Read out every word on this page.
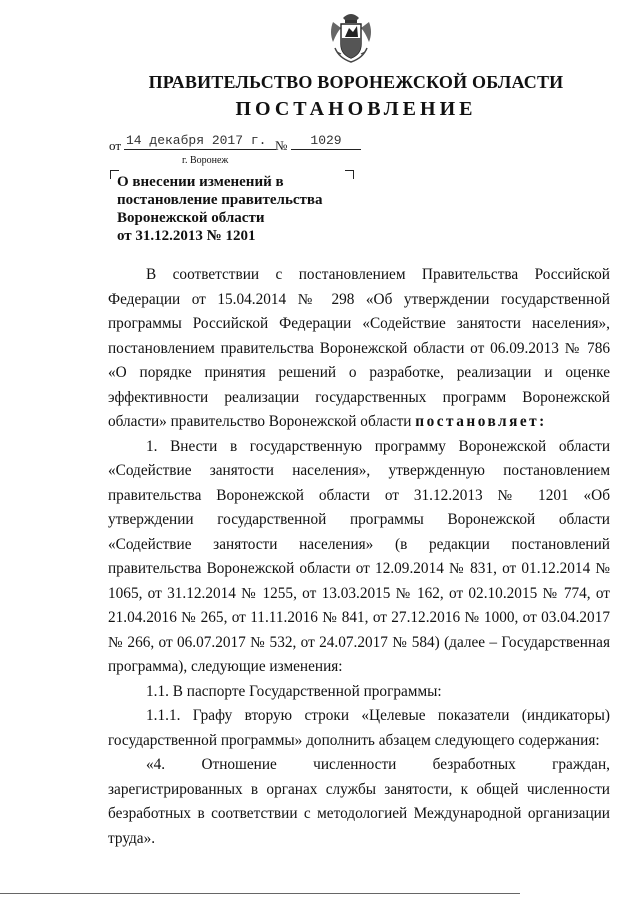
ПРАВИТЕЛЬСТВО ВОРОНЕЖСКОЙ ОБЛАСТИ
ПОСТАНОВЛЕНИЕ
от 14 декабря 2017 г. №	1029
г. Воронеж
О внесении изменений в
постановление правительства
Воронежской области
от 31.12.2013 № 1201

В соответствии с постановлением Правительства Российской Федерации от 15.04.2014 № 298 «Об утверждении государственной программы Российской Федерации «Содействие занятости населения», постановлением правительства Воронежской области от 06.09.2013 № 786 «О порядке принятия решений о разработке, реализации и оценке эффективности реализации государственных программ Воронежской области» правительство Воронежской области постановляет:

1. Внести в государственную программу Воронежской области «Содействие занятости населения», утвержденную постановлением правительства Воронежской области от 31.12.2013 № 1201 «Об утверждении государственной программы Воронежской области «Содействие занятости населения» (в редакции постановлений правительства Воронежской области от 12.09.2014 № 831, от 01.12.2014 № 1065, от 31.12.2014 № 1255, от 13.03.2015 № 162, от 02.10.2015 № 774, от 21.04.2016 № 265, от 11.11.2016 № 841, от 27.12.2016 № 1000, от 03.04.2017 № 266, от 06.07.2017 № 532, от 24.07.2017 № 584) (далее – Государственная программа), следующие изменения:

1.1. В паспорте Государственной программы:

1.1.1. Графу вторую строки «Целевые показатели (индикаторы) государственной программы» дополнить абзацем следующего содержания:

«4. Отношение численности безработных граждан, зарегистрированных в органах службы занятости, к общей численности безработных в соответствии с методологией Международной организации труда».
